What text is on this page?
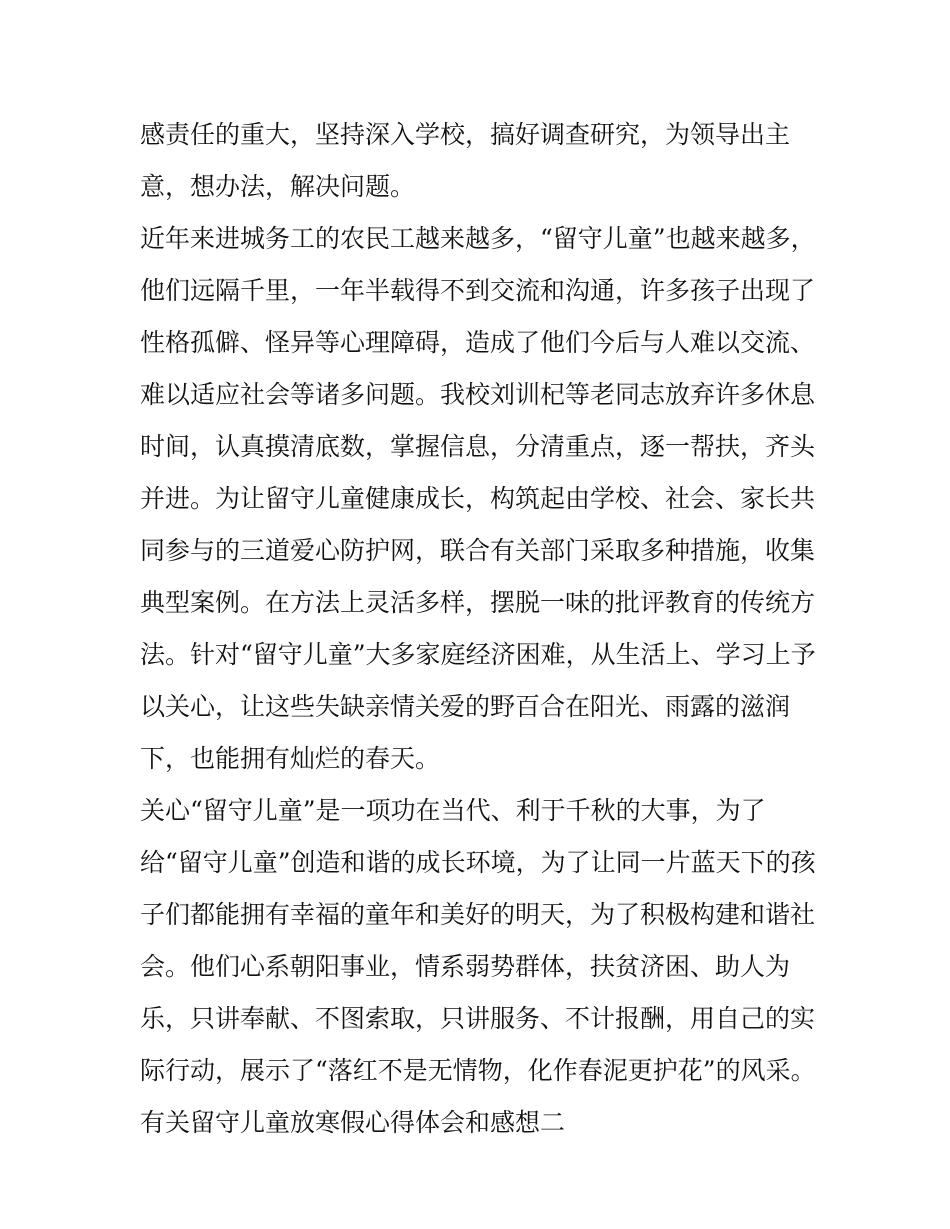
感责任的重大，坚持深入学校，搞好调查研究，为领导出主
意，想办法，解决问题。
近年来进城务工的农民工越来越多，“留守儿童”也越来越多，
他们远隔千里，一年半载得不到交流和沟通，许多孩子出现了
性格孤僻、怪异等心理障碍，造成了他们今后与人难以交流、
难以适应社会等诸多问题。我校刘训杞等老同志放弃许多休息
时间，认真摸清底数，掌握信息，分清重点，逐一帮扶，齐头
并进。为让留守儿童健康成长，构筑起由学校、社会、家长共
同参与的三道爱心防护网，联合有关部门采取多种措施，收集
典型案例。在方法上灵活多样，摆脱一味的批评教育的传统方
法。针对“留守儿童”大多家庭经济困难，从生活上、学习上予
以关心，让这些失缺亲情关爱的野百合在阳光、雨露的滋润
下，也能拥有灿烂的春天。
关心“留守儿童”是一项功在当代、利于千秋的大事，为了
给“留守儿童”创造和谐的成长环境，为了让同一片蓝天下的孩
子们都能拥有幸福的童年和美好的明天，为了积极构建和谐社
会。他们心系朝阳事业，情系弱势群体，扶贫济困、助人为
乐，只讲奉献、不图索取，只讲服务、不计报酬，用自己的实
际行动，展示了“落红不是无情物，化作春泥更护花”的风采。
有关留守儿童放寒假心得体会和感想二
